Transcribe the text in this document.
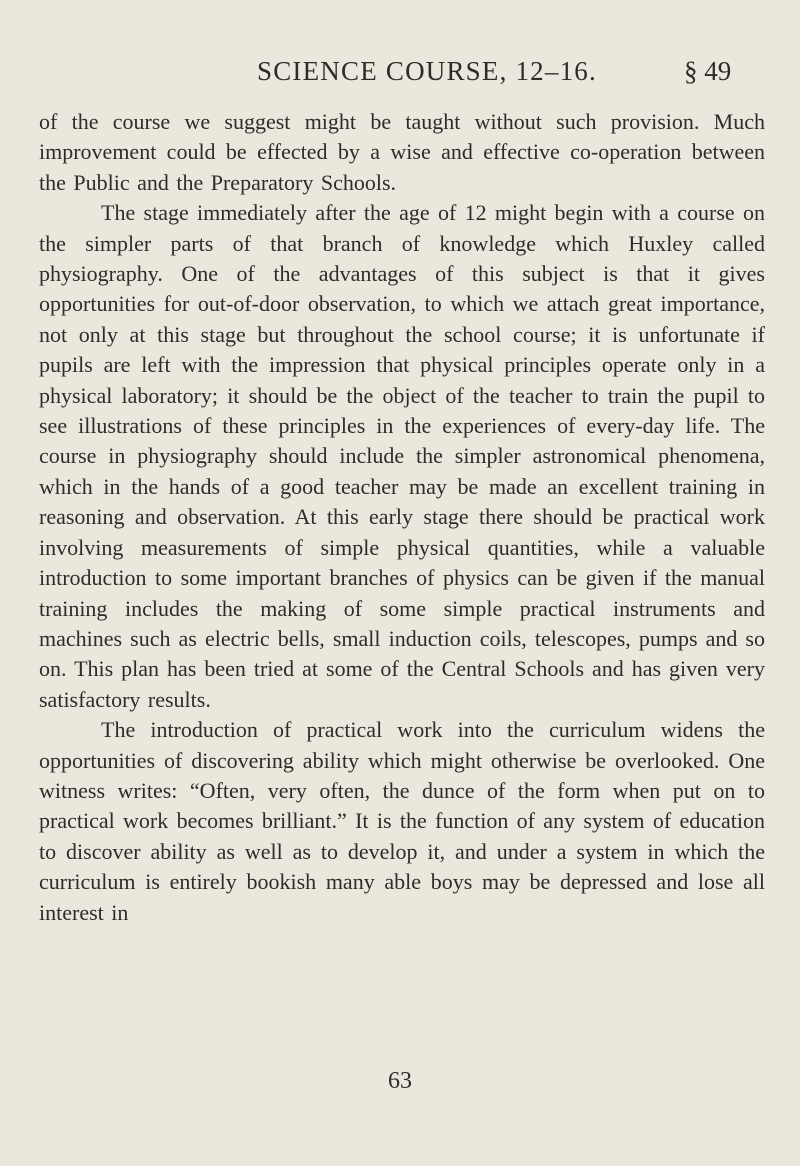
SCIENCE COURSE, 12–16.	§ 49

of the course we suggest might be taught without such provision. Much improvement could be effected by a wise and effective co-operation between the Public and the Preparatory Schools.

The stage immediately after the age of 12 might begin with a course on the simpler parts of that branch of knowledge which Huxley called physiography. One of the advantages of this subject is that it gives opportunities for out-of-door observation, to which we attach great importance, not only at this stage but throughout the school course; it is unfortunate if pupils are left with the impression that physical principles operate only in a physical laboratory; it should be the object of the teacher to train the pupil to see illustrations of these principles in the experiences of every-day life. The course in physiography should include the simpler astronomical phenomena, which in the hands of a good teacher may be made an excellent training in reasoning and observation. At this early stage there should be practical work involving measurements of simple physical quantities, while a valuable introduction to some important branches of physics can be given if the manual training includes the making of some simple practical instruments and machines such as electric bells, small induction coils, telescopes, pumps and so on. This plan has been tried at some of the Central Schools and has given very satisfactory results.

The introduction of practical work into the curriculum widens the opportunities of discovering ability which might otherwise be overlooked. One witness writes: “Often, very often, the dunce of the form when put on to practical work becomes brilliant.” It is the function of any system of education to discover ability as well as to develop it, and under a system in which the curriculum is entirely bookish many able boys may be depressed and lose all interest in

63
